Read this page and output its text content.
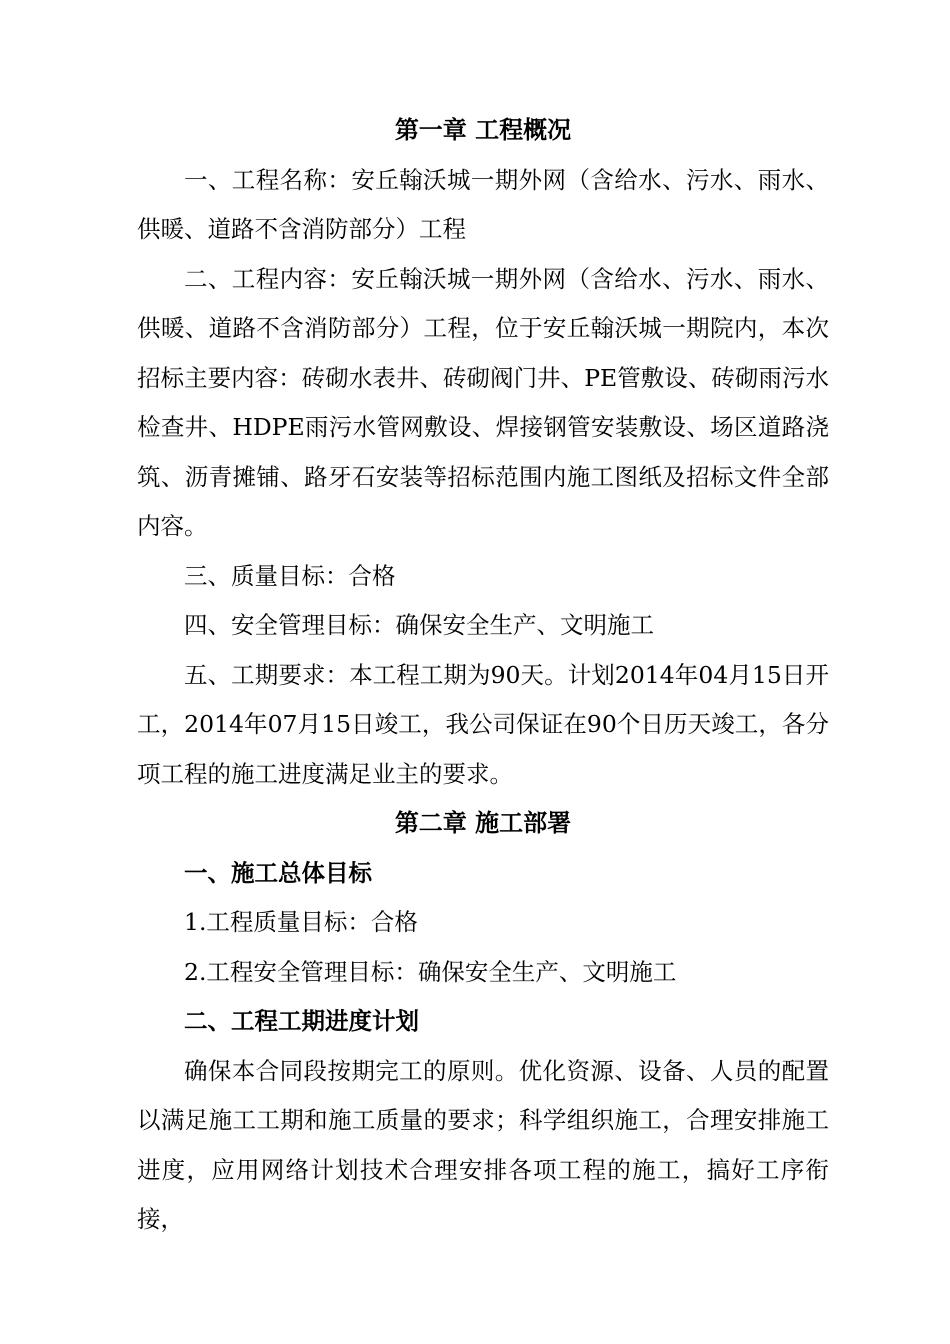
第一章 工程概况

一、工程名称：安丘翰沃城一期外网（含给水、污水、雨水、供暖、道路不含消防部分）工程

二、工程内容：安丘翰沃城一期外网（含给水、污水、雨水、供暖、道路不含消防部分）工程，位于安丘翰沃城一期院内，本次招标主要内容：砖砌水表井、砖砌阀门井、PE管敷设、砖砌雨污水检查井、HDPE雨污水管网敷设、焊接钢管安装敷设、场区道路浇筑、沥青摊铺、路牙石安装等招标范围内施工图纸及招标文件全部内容。

三、质量目标：合格

四、安全管理目标：确保安全生产、文明施工

五、工期要求：本工程工期为90天。计划2014年04月15日开工，2014年07月15日竣工，我公司保证在90个日历天竣工，各分项工程的施工进度满足业主的要求。

第二章 施工部署

一、施工总体目标

1.工程质量目标：合格

2.工程安全管理目标：确保安全生产、文明施工

二、工程工期进度计划

确保本合同段按期完工的原则。优化资源、设备、人员的配置以满足施工工期和施工质量的要求；科学组织施工，合理安排施工进度，应用网络计划技术合理安排各项工程的施工，搞好工序衔接，
